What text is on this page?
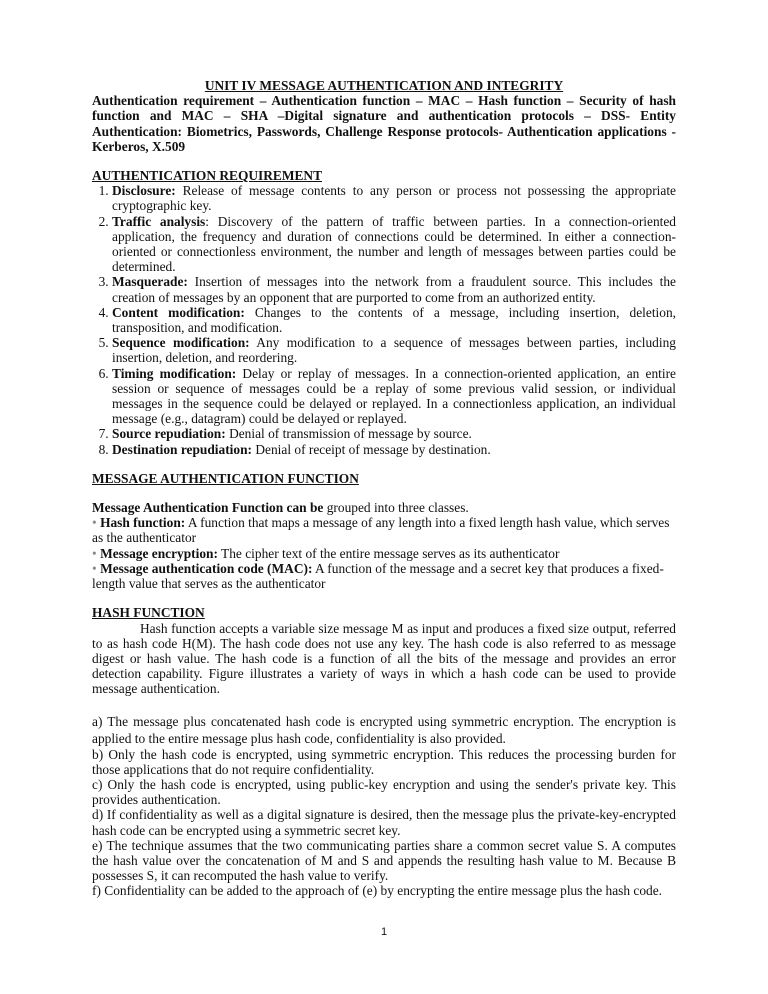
UNIT IV MESSAGE AUTHENTICATION AND INTEGRITY

Authentication requirement – Authentication function – MAC – Hash function – Security of hash function and MAC – SHA –Digital signature and authentication protocols – DSS- Entity Authentication: Biometrics, Passwords, Challenge Response protocols- Authentication applications - Kerberos, X.509

AUTHENTICATION REQUIREMENT

1. Disclosure: Release of message contents to any person or process not possessing the appropriate cryptographic key.
2. Traffic analysis: Discovery of the pattern of traffic between parties. In a connection-oriented application, the frequency and duration of connections could be determined. In either a connection-oriented or connectionless environment, the number and length of messages between parties could be determined.
3. Masquerade: Insertion of messages into the network from a fraudulent source. This includes the creation of messages by an opponent that are purported to come from an authorized entity.
4. Content modification: Changes to the contents of a message, including insertion, deletion, transposition, and modification.
5. Sequence modification: Any modification to a sequence of messages between parties, including insertion, deletion, and reordering.
6. Timing modification: Delay or replay of messages. In a connection-oriented application, an entire session or sequence of messages could be a replay of some previous valid session, or individual messages in the sequence could be delayed or replayed. In a connectionless application, an individual message (e.g., datagram) could be delayed or replayed.
7. Source repudiation: Denial of transmission of message by source.
8. Destination repudiation: Denial of receipt of message by destination.

MESSAGE AUTHENTICATION FUNCTION

Message Authentication Function can be grouped into three classes.

• Hash function: A function that maps a message of any length into a fixed length hash value, which serves as the authenticator

• Message encryption: The cipher text of the entire message serves as its authenticator

• Message authentication code (MAC): A function of the message and a secret key that produces a fixed-length value that serves as the authenticator

HASH FUNCTION

Hash function accepts a variable size message M as input and produces a fixed size output, referred to as hash code H(M). The hash code does not use any key. The hash code is also referred to as message digest or hash value. The hash code is a function of all the bits of the message and provides an error detection capability. Figure illustrates a variety of ways in which a hash code can be used to provide message authentication.

a) The message plus concatenated hash code is encrypted using symmetric encryption. The encryption is applied to the entire message plus hash code, confidentiality is also provided.

b) Only the hash code is encrypted, using symmetric encryption. This reduces the processing burden for those applications that do not require confidentiality.

c) Only the hash code is encrypted, using public-key encryption and using the sender's private key. This provides authentication.

d) If confidentiality as well as a digital signature is desired, then the message plus the private-key-encrypted hash code can be encrypted using a symmetric secret key.

e) The technique assumes that the two communicating parties share a common secret value S. A computes the hash value over the concatenation of M and S and appends the resulting hash value to M. Because B possesses S, it can recomputed the hash value to verify.

f) Confidentiality can be added to the approach of (e) by encrypting the entire message plus the hash code.

1
